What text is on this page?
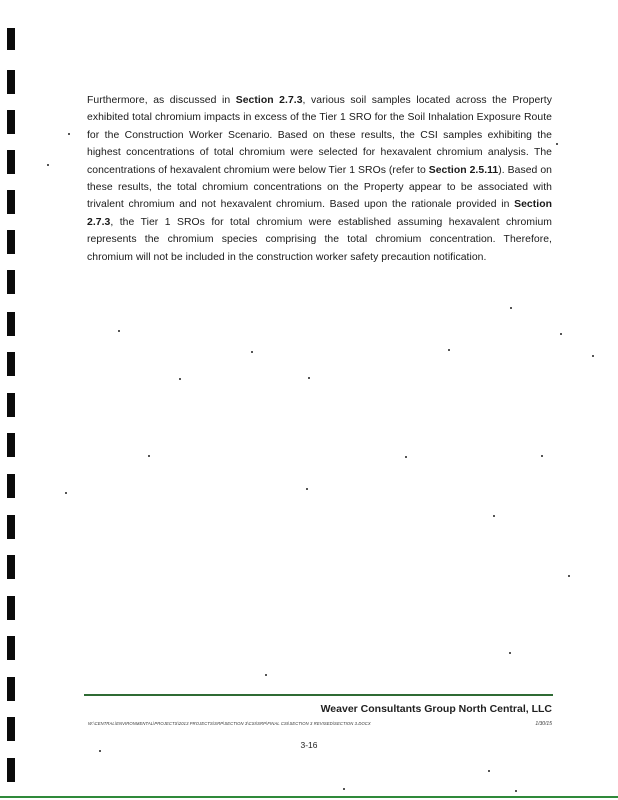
Furthermore, as discussed in Section 2.7.3, various soil samples located across the Property exhibited total chromium impacts in excess of the Tier 1 SRO for the Soil Inhalation Exposure Route for the Construction Worker Scenario. Based on these results, the CSI samples exhibiting the highest concentrations of total chromium were selected for hexavalent chromium analysis. The concentrations of hexavalent chromium were below Tier 1 SROs (refer to Section 2.5.11). Based on these results, the total chromium concentrations on the Property appear to be associated with trivalent chromium and not hexavalent chromium. Based upon the rationale provided in Section 2.7.3, the Tier 1 SROs for total chromium were established assuming hexavalent chromium represents the chromium species comprising the total chromium concentration. Therefore, chromium will not be included in the construction worker safety precaution notification.
Weaver Consultants Group North Central, LLC
W:\CENTRAL\ENVIRONMENTAL\PROJECTS\2013 PROJECTS\SRP\SECTION 3\CSI\SRP\FINAL CSI\SECTION 3 REVISED\SECTION 3.DOCX	1/30/15
3-16
